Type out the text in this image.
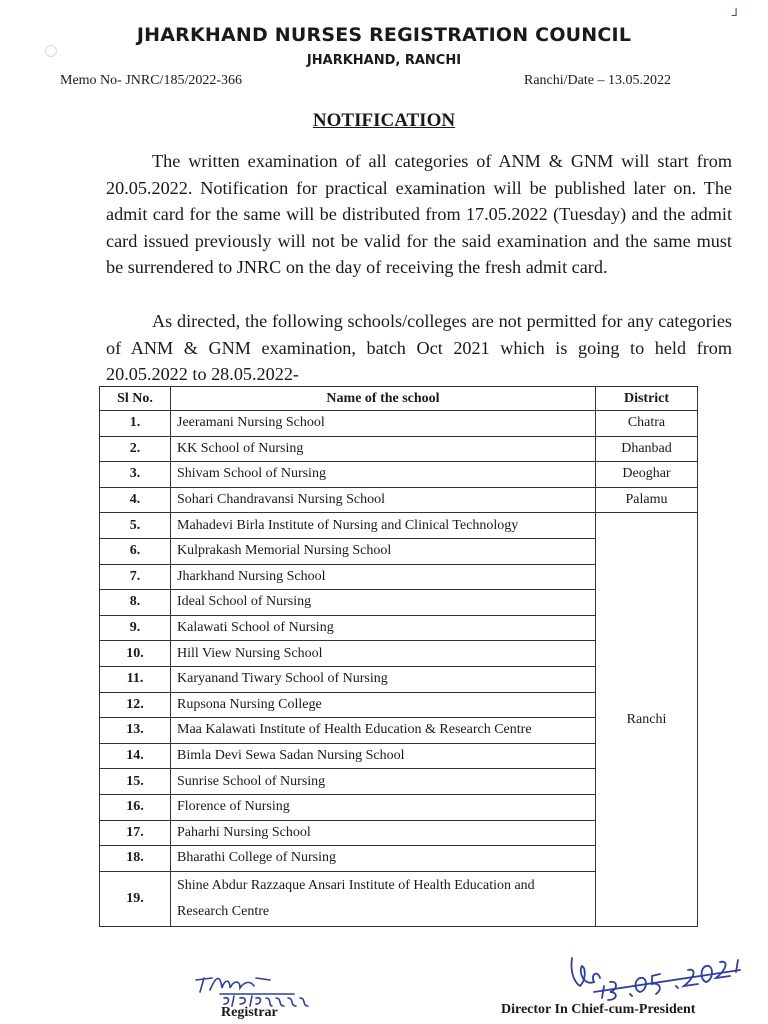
ᒧ
JHARKHAND NURSES REGISTRATION COUNCIL
JHARKHAND, RANCHI
Memo No- JNRC/185/2022-366	Ranchi/Date – 13.05.2022
NOTIFICATION

The written examination of all categories of ANM & GNM will start from 20.05.2022. Notification for practical examination will be published later on. The admit card for the same will be distributed from 17.05.2022 (Tuesday) and the admit card issued previously will not be valid for the said examination and the same must be surrendered to JNRC on the day of receiving the fresh admit card.

As directed, the following schools/colleges are not permitted for any categories of ANM & GNM examination, batch Oct 2021 which is going to held from 20.05.2022 to 28.05.2022-

Sl No.	Name of the school	District
1.	Jeeramani Nursing School	Chatra
2.	KK School of Nursing	Dhanbad
3.	Shivam School of Nursing	Deoghar
4.	Sohari Chandravansi Nursing School	Palamu
5.	Mahadevi Birla Institute of Nursing and Clinical Technology	Ranchi
6.	Kulprakash Memorial Nursing School	
7.	Jharkhand Nursing School	
8.	Ideal School of Nursing	
9.	Kalawati School of Nursing	
10.	Hill View Nursing School	
11.	Karyanand Tiwary School of Nursing	
12.	Rupsona Nursing College	
13.	Maa Kalawati Institute of Health Education & Research Centre	
14.	Bimla Devi Sewa Sadan Nursing School	
15.	Sunrise School of Nursing	
16.	Florence of Nursing	
17.	Paharhi Nursing School	
18.	Bharathi College of Nursing	
19.	Shine Abdur Razzaque Ansari Institute of Health Education and Research Centre	
Registrar	Director In Chief-cum-President
